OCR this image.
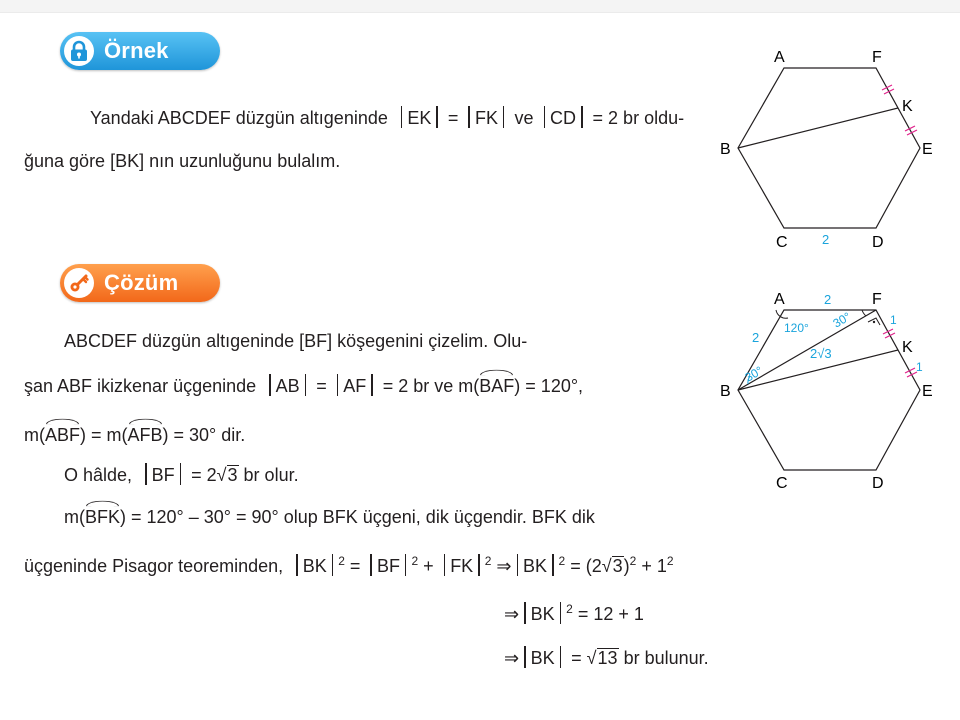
Örnek
Yandaki ABCDEF düzgün altıgeninde EK = FK ve CD = 2 br oldu-
ğuna göre [BK] nın uzunluğunu bulalım.
A	F
K
B	E
C	D
2
Çözüm
ABCDEF düzgün altıgeninde [BF] köşegenini çizelim. Olu-
şan ABF ikizkenar üçgeninde AB = AF = 2 br ve m(BAF) = 120°,
m(ABF) = m(AFB) = 30° dir.
O hâlde, BF = 2√3 br olur.
m(BFK) = 120° – 30° = 90° olup BFK üçgeni, dik üçgendir. BFK dik
üçgeninde Pisagor teoreminden, BK $^2$ = BF $^2$ + FK $^2$ ⇒ BK $^2 = (2√3)^2 + 1^2$
⇒ BK $^2$ = 12 + 1
⇒ BK = √13 br bulunur.
A	F
K
B	E
C	D
2
2
1
1
120°
30°
30°
2√3
